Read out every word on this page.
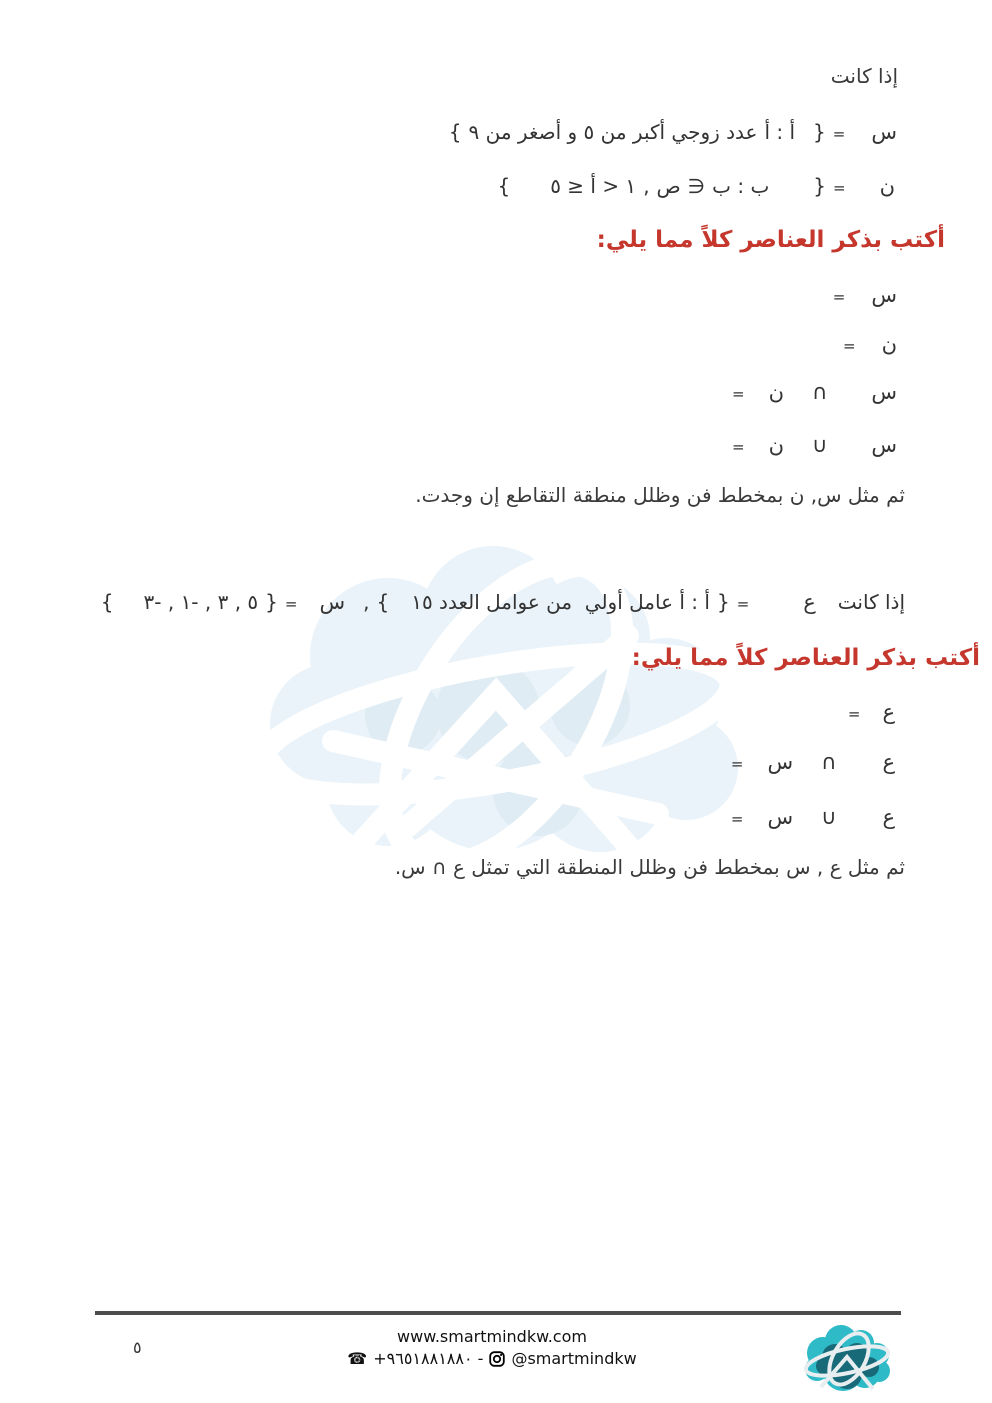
إذا كانت
س
=
}
أ : أ
عدد زوجي أكبر من ٥ و أصغر من ٩
{
ن
=
}
ب : ب
∋
ص
,
٥ ≥ أ > ١
{
أكتب بذكر العناصر كلاً مما يلي:
س
=
ن
=
س
∩
ن
=
س
∪
ن
=
ثم مثل س, ن بمخطط فن وظلل منطقة التقاطع إن وجدت.
إذا كانت
ع
=
}
أ : أ عامل أولي  من عوامل العدد ١٥
{
,
س
=
}
٣- , ١- , ٣ , ٥
{
أكتب بذكر العناصر كلاً مما يلي:
ع
=
ع
∩
س
=
ع
∪
س
=
ثم مثل ع , س بمخطط فن وظلل المنطقة التي تمثل ع ∩ س.
٥
www.smartmindkw.com
☎ +٩٦٥١٨٨١٨٨٠ - @smartmindkw
